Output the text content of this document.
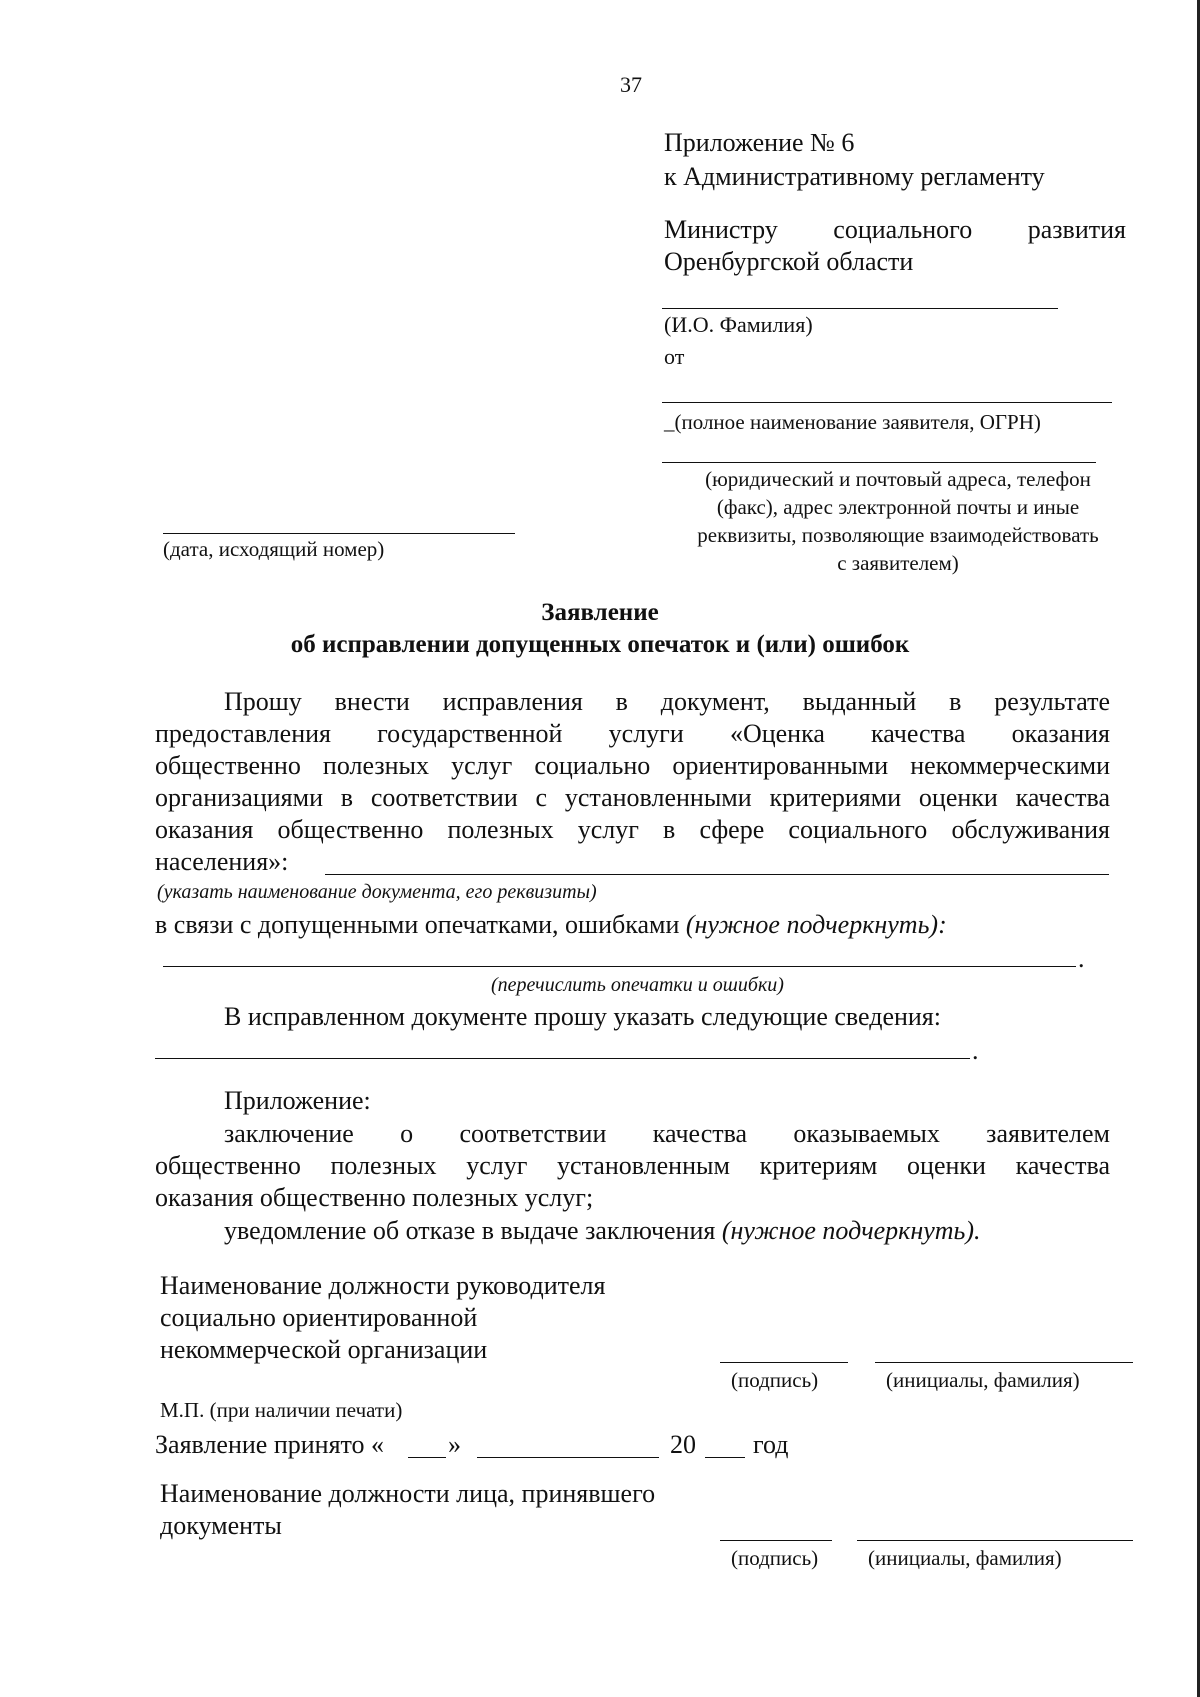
37
Приложение № 6
к Административному регламенту
Министру социального развития
Оренбургской области
(И.О. Фамилия)
от
_(полное наименование заявителя, ОГРН)
(юридический и почтовый адреса, телефон
(факс), адрес электронной почты и иные
реквизиты, позволяющие взаимодействовать
с заявителем)
(дата, исходящий номер)
Заявление
об исправлении допущенных опечаток и (или) ошибок
Прошу внести исправления в документ, выданный в результате
предоставления государственной услуги «Оценка качества оказания
общественно полезных услуг социально ориентированными некоммерческими
организациями в соответствии с установленными критериями оценки качества
оказания общественно полезных услуг в сфере социального обслуживания
населения»:
(указать наименование документа, его реквизиты)
в связи с допущенными опечатками, ошибками (нужное подчеркнуть):
.
(перечислить опечатки и ошибки)
В исправленном документе прошу указать следующие сведения:
.
Приложение:
заключение о соответствии качества оказываемых заявителем
общественно полезных услуг установленным критериям оценки качества
оказания общественно полезных услуг;
уведомление об отказе в выдаче заключения (нужное подчеркнуть).
Наименование должности руководителя
социально ориентированной
некоммерческой организации
(подпись)	(инициалы, фамилия)
М.П. (при наличии печати)
Заявление принято « »	20 год
Наименование должности лица, принявшего
документы
(подпись) (инициалы, фамилия)
